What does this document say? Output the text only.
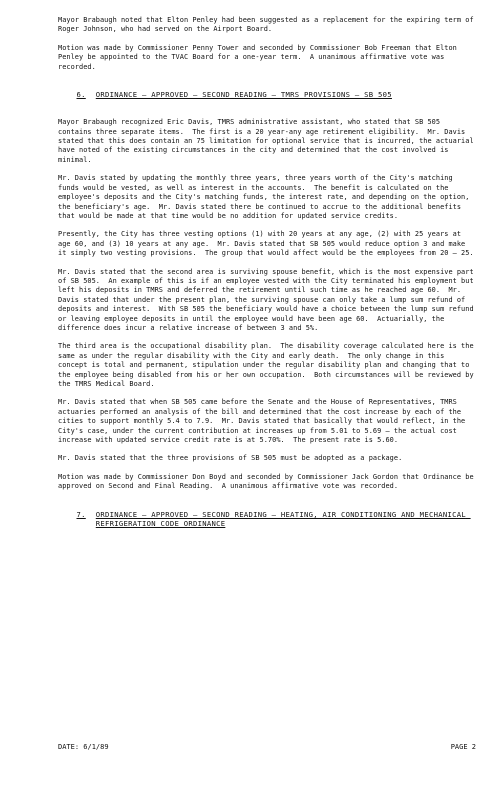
Mayor Brabaugh noted that Elton Penley had been suggested as a replacement for the expiring term of Roger Johnson, who had served on the Airport Board.

Motion was made by Commissioner Penny Tower and seconded by Commissioner Bob Freeman that Elton Penley be appointed to the TVAC Board for a one-year term.  A unanimous affirmative vote was recorded.

6. ORDINANCE – APPROVED – SECOND READING – TMRS PROVISIONS – SB 505

Mayor Brabaugh recognized Eric Davis, TMRS administrative assistant, who stated that SB 505 contains three separate items.  The first is a 20 year-any age retirement eligibility.  Mr. Davis stated that this does contain an 75 limitation for optional service that is incurred, the actuarial have noted of the existing circumstances in the city and determined that the cost involved is minimal.

Mr. Davis stated by updating the monthly three years, three years worth of the City's matching funds would be vested, as well as interest in the accounts.  The benefit is calculated on the employee's deposits and the City's matching funds, the interest rate, and depending on the option, the beneficiary's age.  Mr. Davis stated there be continued to accrue to the additional benefits that would be made at that time would be no addition for updated service credits.

Presently, the City has three vesting options (1) with 20 years at any age, (2) with 25 years at age 60, and (3) 10 years at any age.  Mr. Davis stated that SB 505 would reduce option 3 and make it simply two vesting provisions.  The group that would affect would be the employees from 20 – 25.

Mr. Davis stated that the second area is surviving spouse benefit, which is the most expensive part of SB 505.  An example of this is if an employee vested with the City terminated his employment but left his deposits in TMRS and deferred the retirement until such time as he reached age 60.  Mr. Davis stated that under the present plan, the surviving spouse can only take a lump sum refund of deposits and interest.  With SB 505 the beneficiary would have a choice between the lump sum refund or leaving employee deposits in until the employee would have been age 60.  Actuarially, the difference does incur a relative increase of between 3 and 5%.

The third area is the occupational disability plan.  The disability coverage calculated here is the same as under the regular disability with the City and early death.  The only change in this concept is total and permanent, stipulation under the regular disability plan and changing that to the employee being disabled from his or her own occupation.  Both circumstances will be reviewed by the TMRS Medical Board.

Mr. Davis stated that when SB 505 came before the Senate and the House of Representatives, TMRS actuaries performed an analysis of the bill and determined that the cost increase by each of the cities to support monthly 5.4 to 7.9.  Mr. Davis stated that basically that would reflect, in the City's case, under the current contribution at increases up from 5.01 to 5.69 – the actual cost increase with updated service credit rate is at 5.70%.  The present rate is 5.60.

Mr. Davis stated that the three provisions of SB 505 must be adopted as a package.

Motion was made by Commissioner Don Boyd and seconded by Commissioner Jack Gordon that Ordinance be approved on Second and Final Reading.  A unanimous affirmative vote was recorded.

7. ORDINANCE – APPROVED – SECOND READING – HEATING, AIR CONDITIONING AND MECHANICAL REFRIGERATION CODE ORDINANCE

DATE: 6/1/89	PAGE 2
